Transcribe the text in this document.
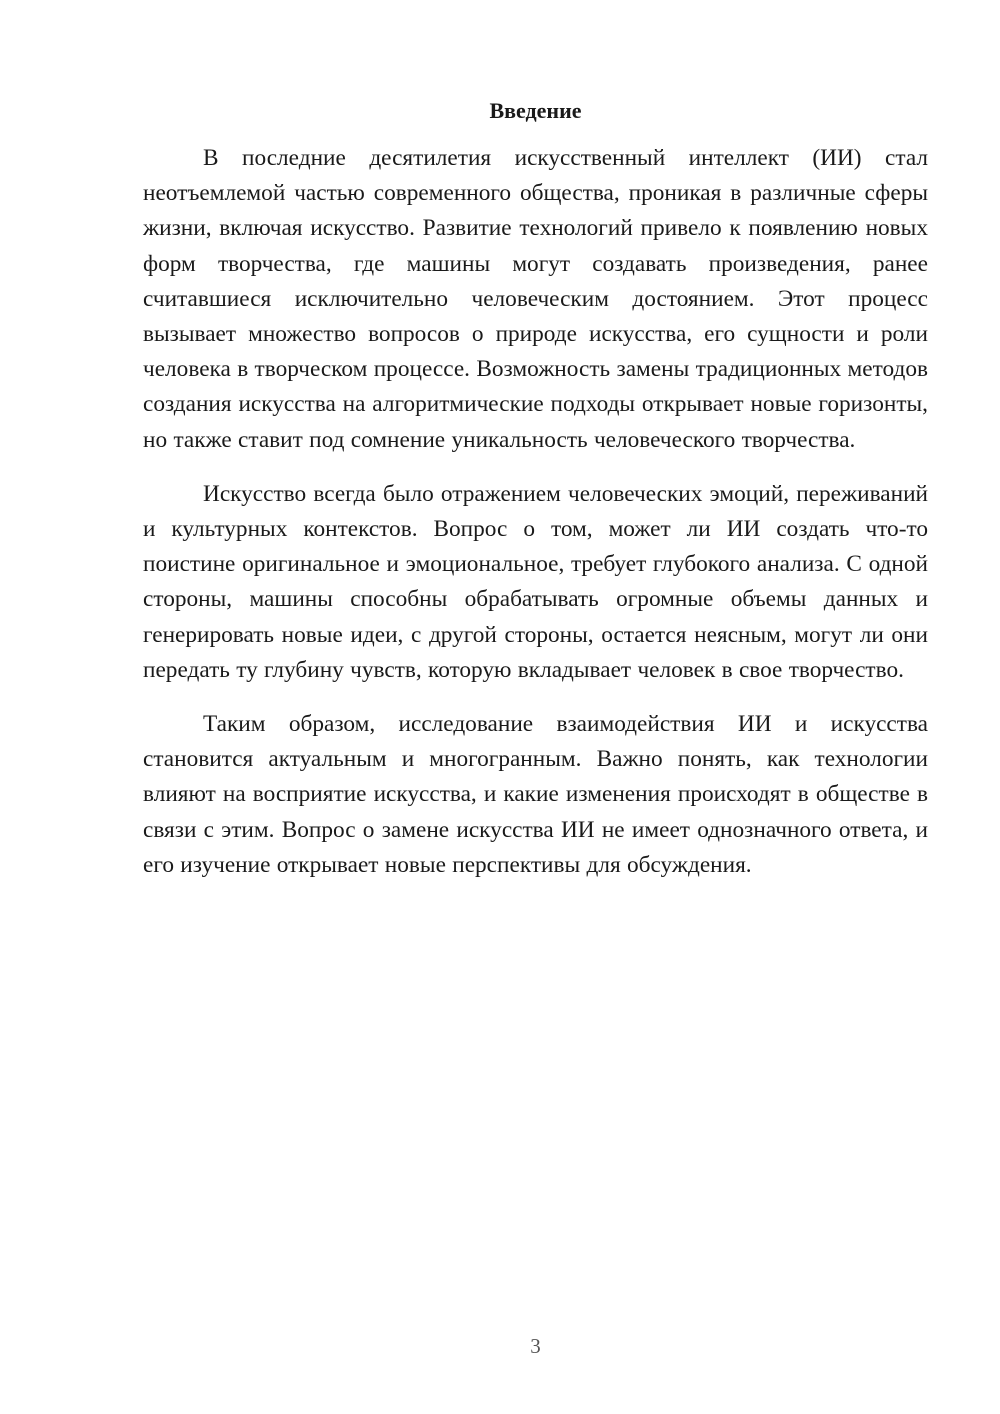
Введение

В последние десятилетия искусственный интеллект (ИИ) стал неотъемлемой частью современного общества, проникая в различные сферы жизни, включая искусство. Развитие технологий привело к появлению новых форм творчества, где машины могут создавать произведения, ранее считавшиеся исключительно человеческим достоянием. Этот процесс вызывает множество вопросов о природе искусства, его сущности и роли человека в творческом процессе. Возможность замены традиционных методов создания искусства на алгоритмические подходы открывает новые горизонты, но также ставит под сомнение уникальность человеческого творчества.

Искусство всегда было отражением человеческих эмоций, переживаний и культурных контекстов. Вопрос о том, может ли ИИ создать что-то поистине оригинальное и эмоциональное, требует глубокого анализа. С одной стороны, машины способны обрабатывать огромные объемы данных и генерировать новые идеи, с другой стороны, остается неясным, могут ли они передать ту глубину чувств, которую вкладывает человек в свое творчество.

Таким образом, исследование взаимодействия ИИ и искусства становится актуальным и многогранным. Важно понять, как технологии влияют на восприятие искусства, и какие изменения происходят в обществе в связи с этим. Вопрос о замене искусства ИИ не имеет однозначного ответа, и его изучение открывает новые перспективы для обсуждения.

3
